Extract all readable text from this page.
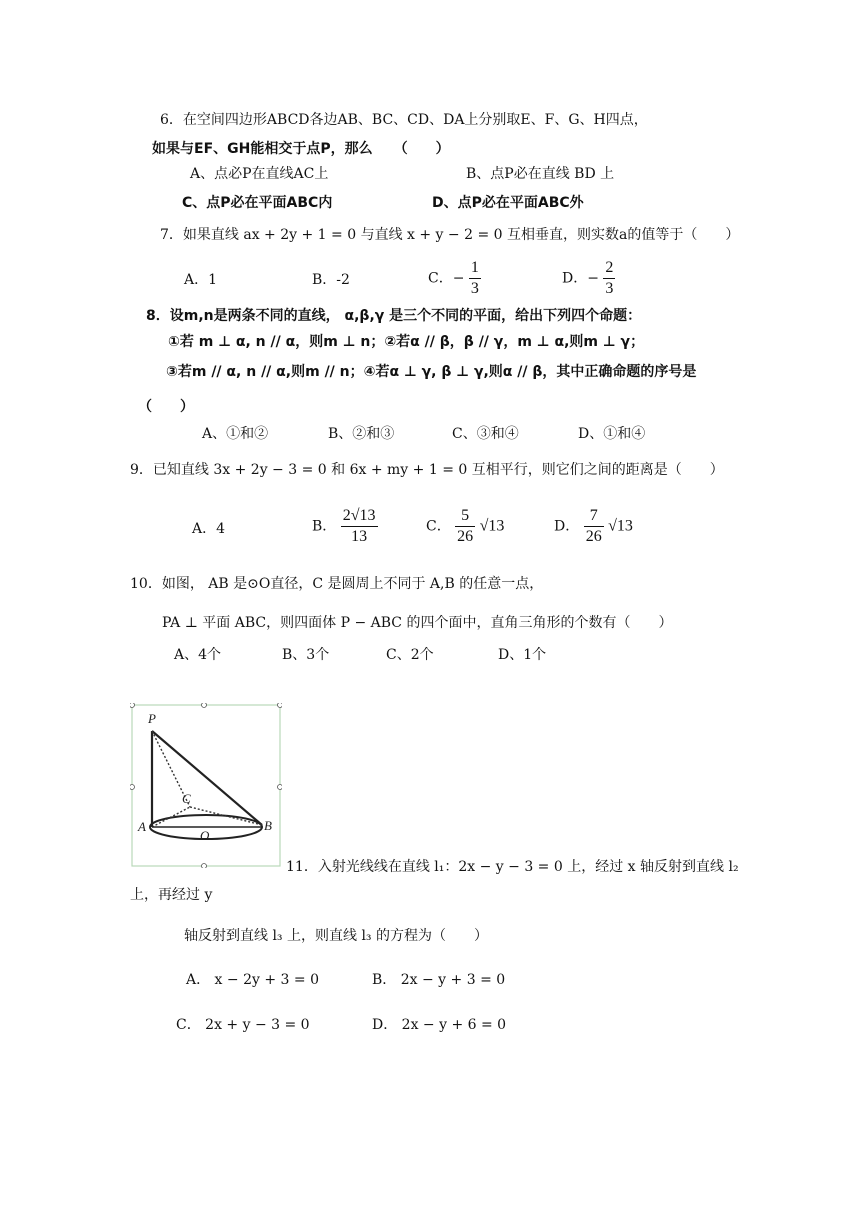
6．在空间四边形ABCD各边AB、BC、CD、DA上分别取E、F、G、H四点，
如果与EF、GH能相交于点P，那么　　（　　）
A、点必P在直线AC上	B、点P必在直线 BD 上
C、点P必在平面ABC内	D、点P必在平面ABC外
7．如果直线 ax + 2y + 1 = 0 与直线 x + y − 2 = 0 互相垂直，则实数a的值等于（　　）
A．1	B．-2	C．− $\frac{1}{3}$	D．− $\frac{2}{3}$
8．设m,n是两条不同的直线， α,β,γ 是三个不同的平面，给出下列四个命题：
①若 m ⊥ α, n // α，则m ⊥ n；②若α // β，β // γ，m ⊥ α,则m ⊥ γ；
③若m // α, n // α,则m // n；④若α ⊥ γ, β ⊥ γ,则α // β，其中正确命题的序号是
（　　）
A、①和②	B、②和③	C、③和④	D、①和④
9．已知直线 3x + 2y − 3 = 0 和 6x + my + 1 = 0 互相平行，则它们之间的距离是（　　）
A．4	B． $\frac{2√13}{13}$	C． $\frac{5}{26} √13$	D． $\frac{7}{26} √13$
10．如图， AB 是⊙O直径，C 是圆周上不同于 A,B 的任意一点，
PA ⊥ 平面 ABC，则四面体 P − ABC 的四个面中，直角三角形的个数有（　　）
A、4个	B、3个	C、2个	D、1个
P
C
A
O
B
11．入射光线线在直线 l₁：2x − y − 3 = 0 上，经过 x 轴反射到直线 l₂
上，再经过 y
轴反射到直线 l₃ 上，则直线 l₃ 的方程为（　　）
A． x − 2y + 3 = 0	B． 2x − y + 3 = 0
C． 2x + y − 3 = 0	D． 2x − y + 6 = 0
